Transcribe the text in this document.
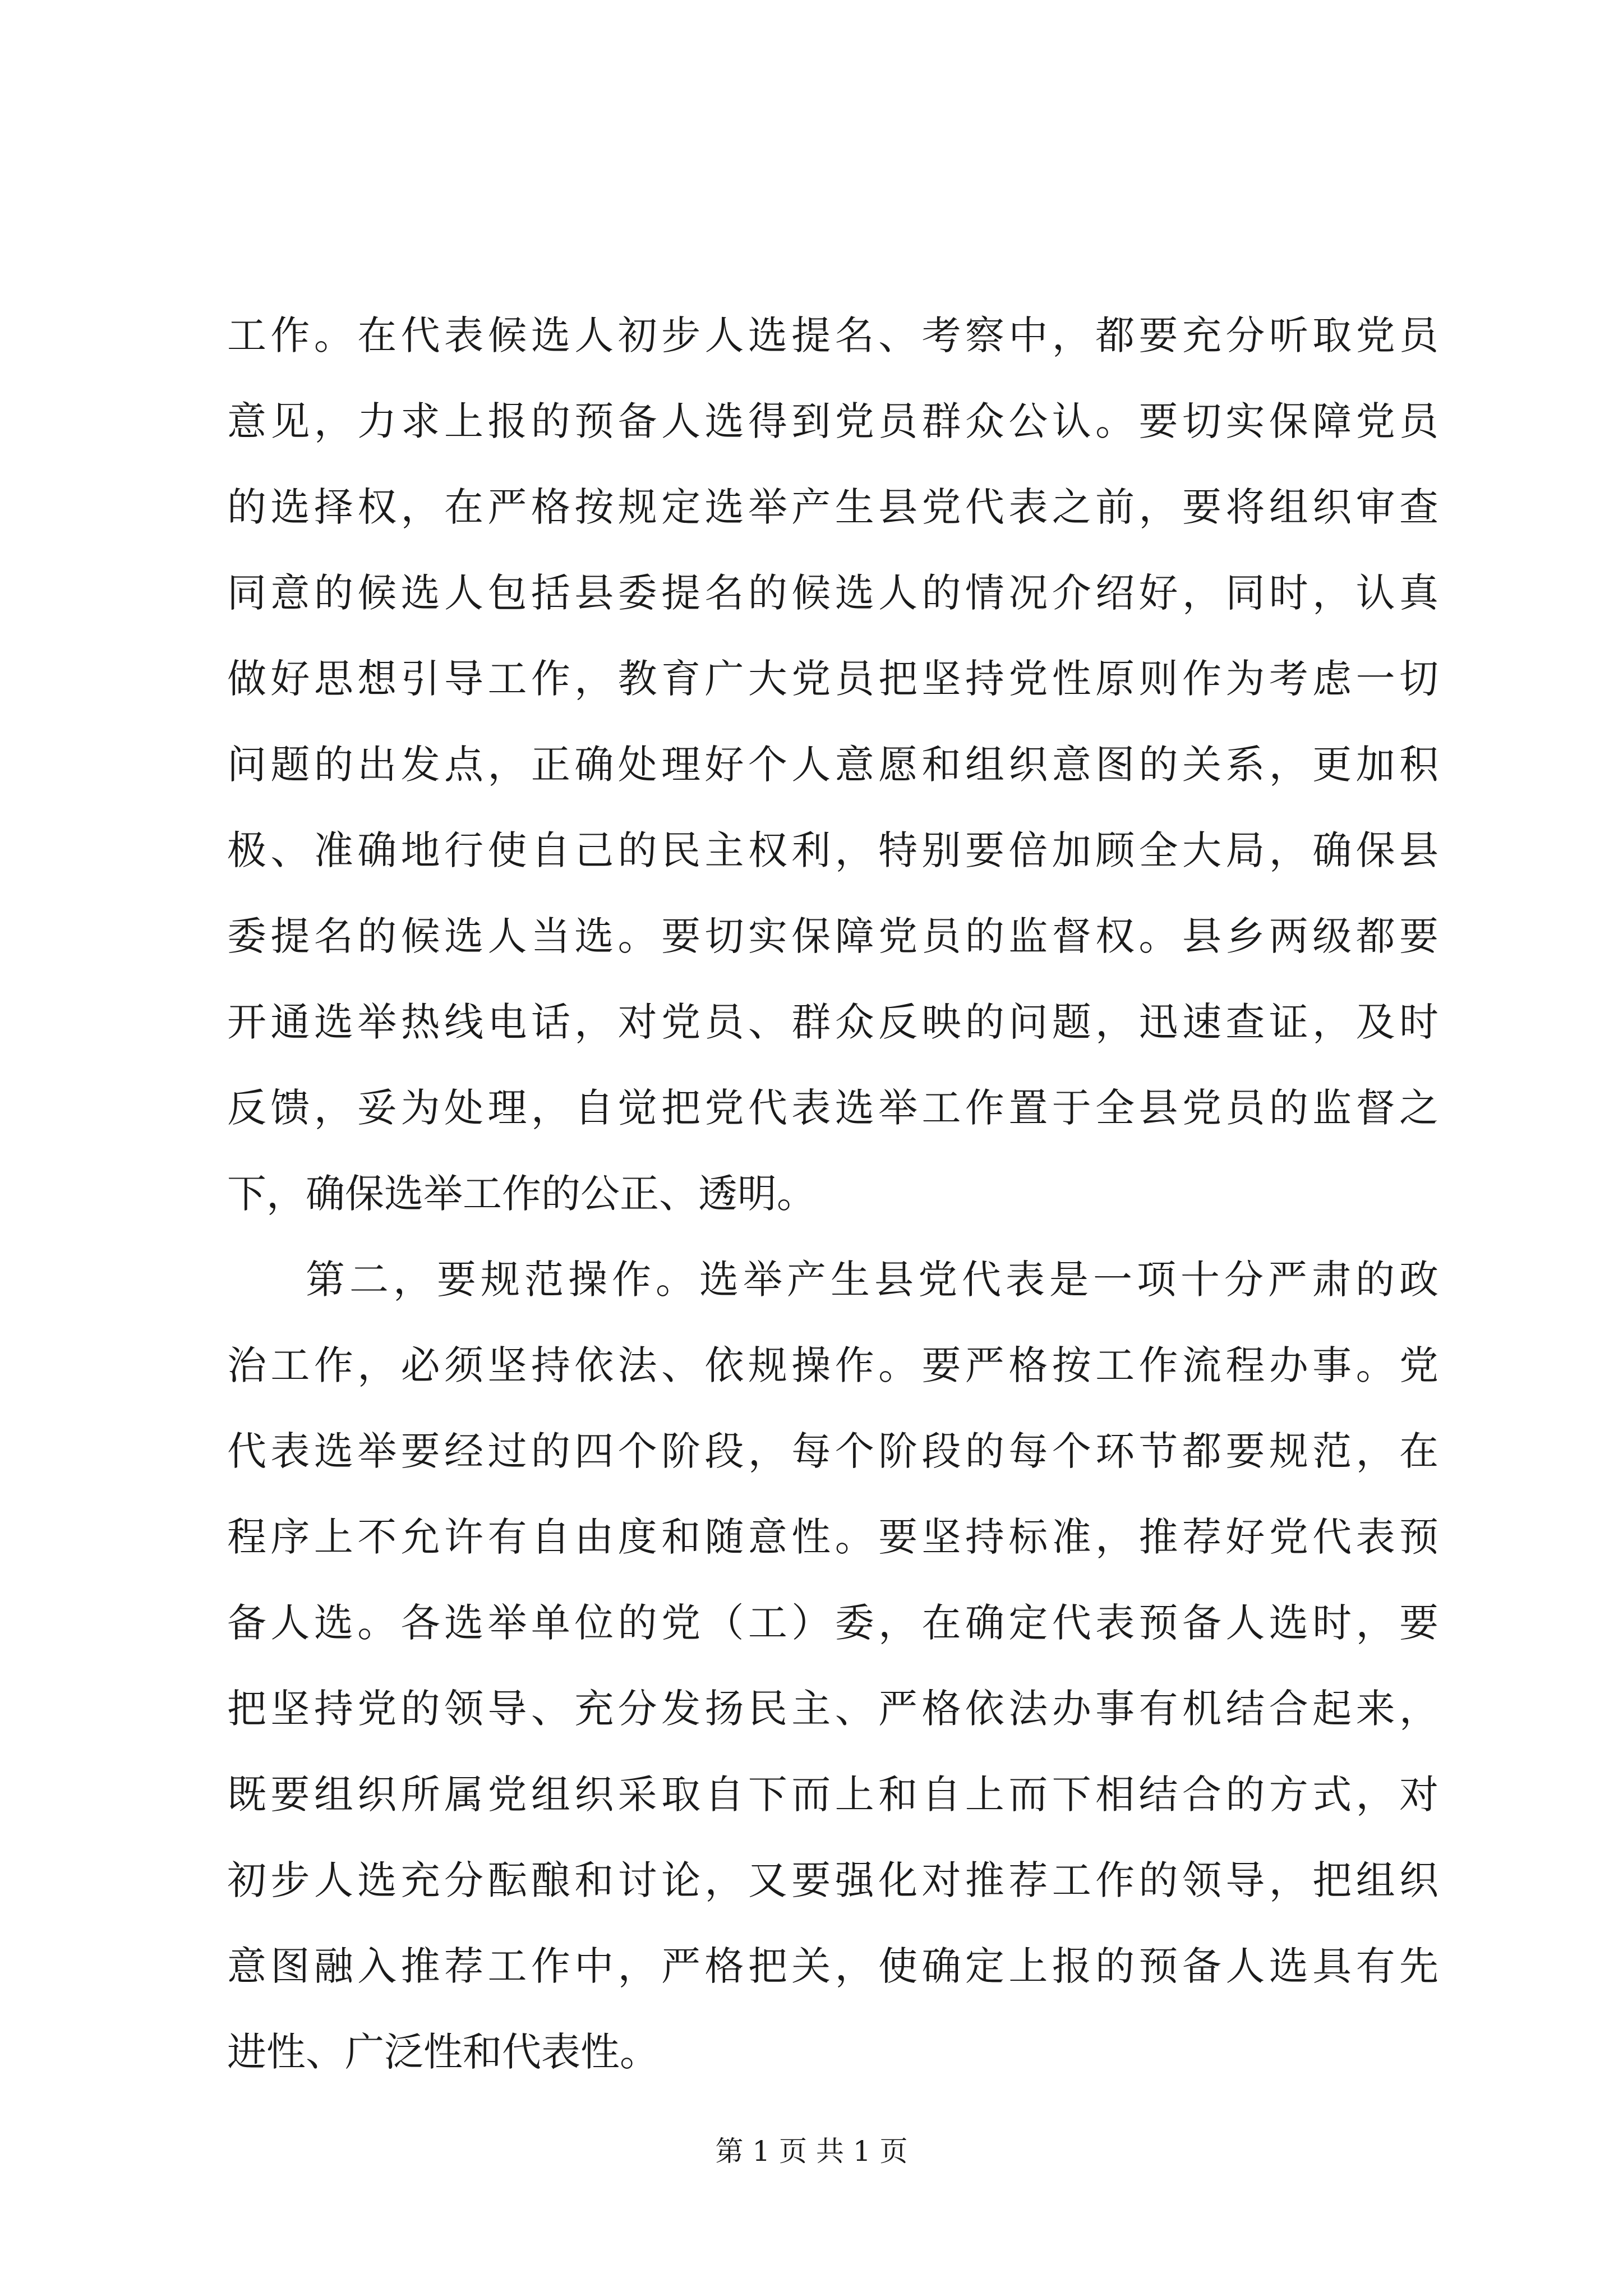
工作。在代表候选人初步人选提名、考察中，都要充分听取党员
意见，力求上报的预备人选得到党员群众公认。要切实保障党员
的选择权，在严格按规定选举产生县党代表之前，要将组织审查
同意的候选人包括县委提名的候选人的情况介绍好，同时，认真
做好思想引导工作，教育广大党员把坚持党性原则作为考虑一切
问题的出发点，正确处理好个人意愿和组织意图的关系，更加积
极、准确地行使自己的民主权利，特别要倍加顾全大局，确保县
委提名的候选人当选。要切实保障党员的监督权。县乡两级都要
开通选举热线电话，对党员、群众反映的问题，迅速查证，及时
反馈，妥为处理，自觉把党代表选举工作置于全县党员的监督之
下，确保选举工作的公正、透明。
第二，要规范操作。选举产生县党代表是一项十分严肃的政
治工作，必须坚持依法、依规操作。要严格按工作流程办事。党
代表选举要经过的四个阶段，每个阶段的每个环节都要规范，在
程序上不允许有自由度和随意性。要坚持标准，推荐好党代表预
备人选。各选举单位的党（工）委，在确定代表预备人选时，要
把坚持党的领导、充分发扬民主、严格依法办事有机结合起来，
既要组织所属党组织采取自下而上和自上而下相结合的方式，对
初步人选充分酝酿和讨论，又要强化对推荐工作的领导，把组织
意图融入推荐工作中，严格把关，使确定上报的预备人选具有先
进性、广泛性和代表性。
第 1 页 共 1 页
